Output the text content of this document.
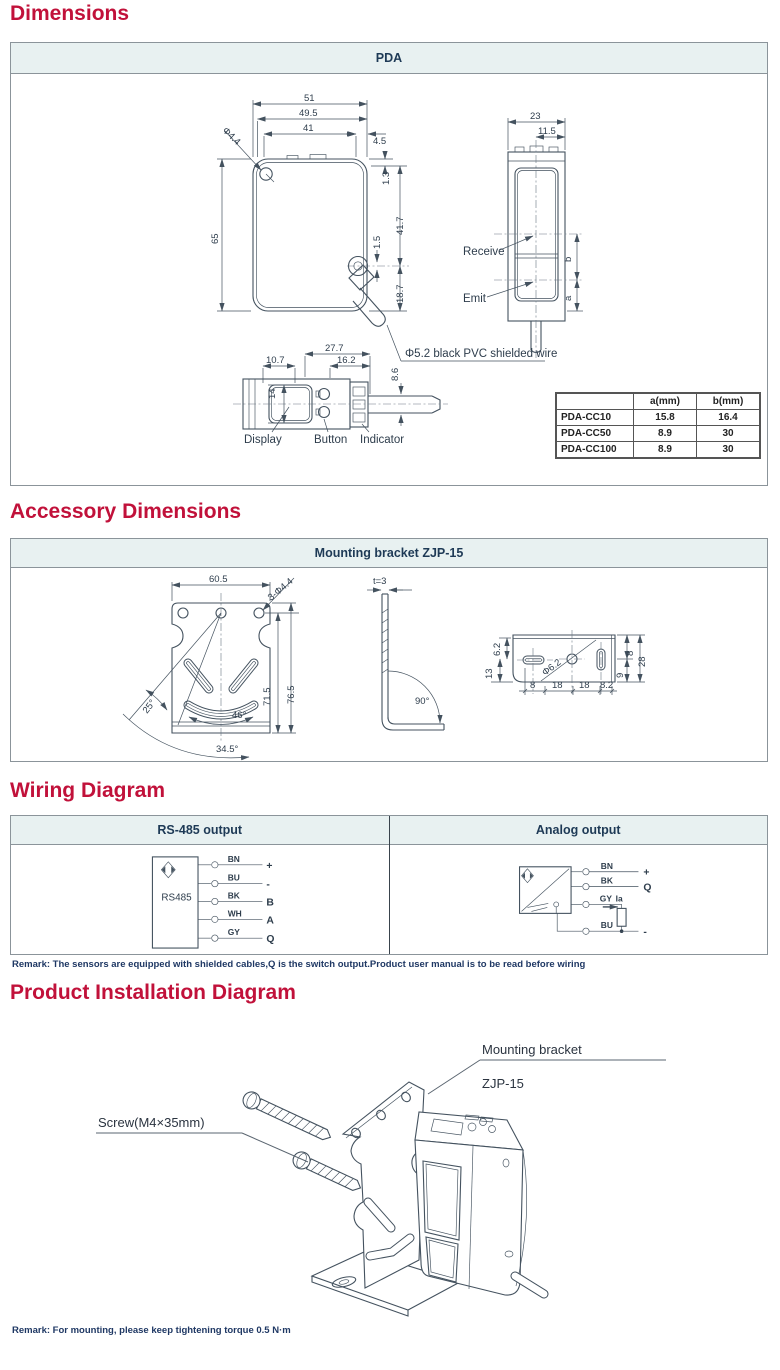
Dimensions
PDA
Φ4.4
51
49.5
41
4.5
1.3
41.7
1.5
18.7
65
23
11.5
b
a
Receive
Emit
27.7
10.7	16.2
14
8.6
Display	Button Indicator
Φ5.2 black PVC shielded wire
	a(mm)	b(mm)
PDA-CC10	15.8	16.4
PDA-CC50	8.9	30
PDA-CC100	8.9	30
Accessory Dimensions
Mounting bracket ZJP-15
60.5	3-Φ4.4
71.5 76.5
25°	46°
34.5°
t=3
90°
Φ6.2
6.2
13
8 18 18 8.2
8
9
28
Wiring Diagram
RS-485 output
RS485
BN
+
BU
-
BK
B
WH
A
GY
Q
Analog output
BN
+
BK
Q
GY Ia
BU
-
Remark: The sensors are equipped with shielded cables,Q is the switch output.Product user manual is to be read before wiring
Product Installation Diagram
Mounting bracket
ZJP-15
Screw(M4×35mm)
Remark: For mounting, please keep tightening torque 0.5 N·m
